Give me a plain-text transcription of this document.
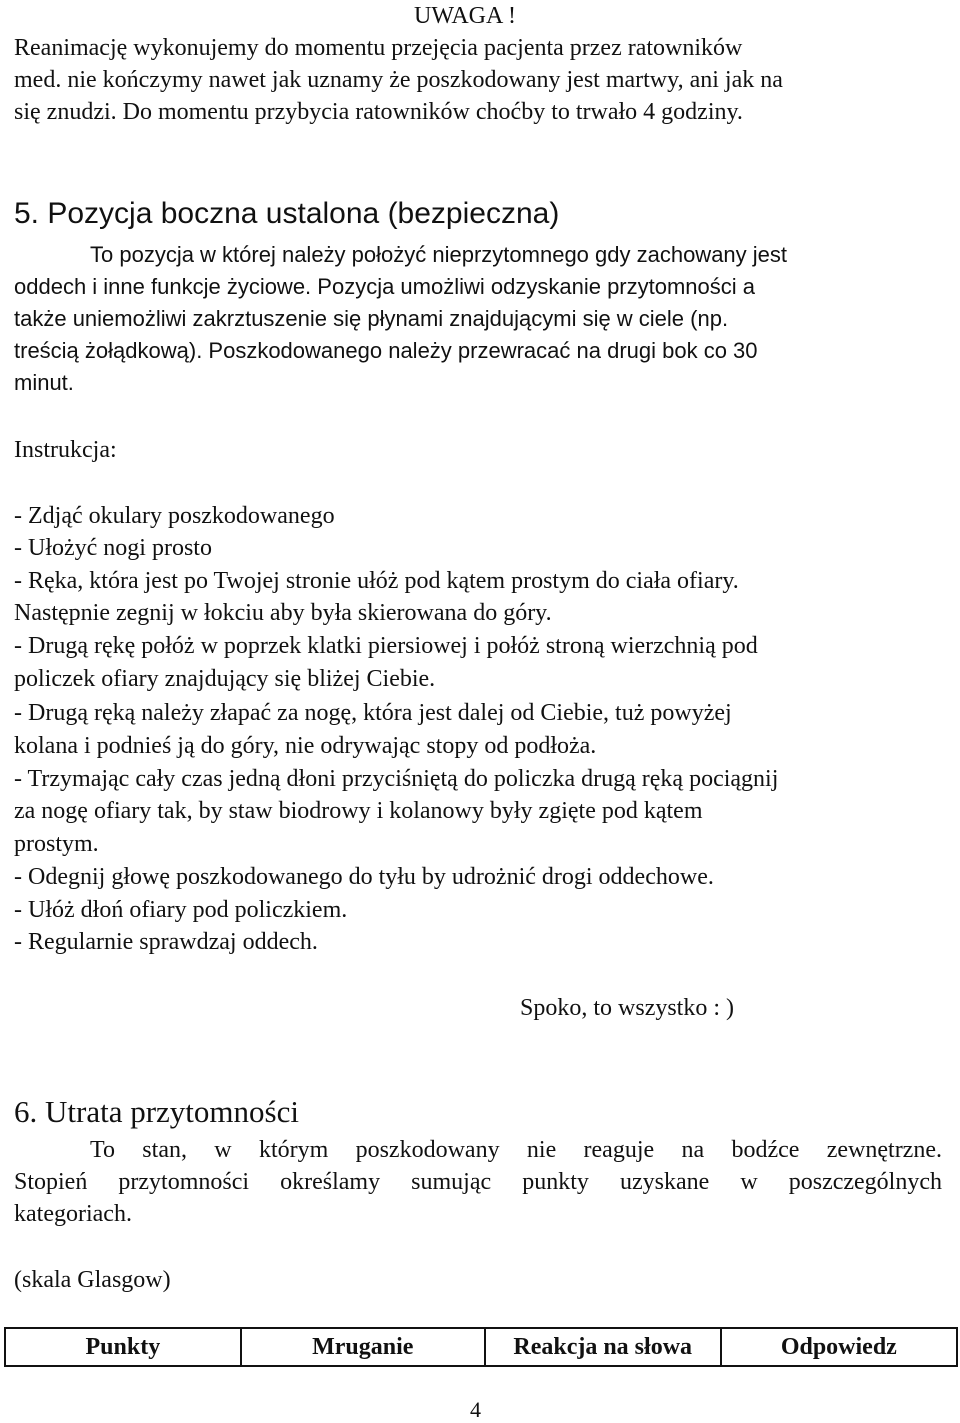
UWAGA !
Reanimację wykonujemy do momentu przejęcia pacjenta przez ratowników
med. nie kończymy nawet jak uznamy że poszkodowany jest martwy, ani jak na
się znudzi. Do momentu przybycia ratowników choćby to trwało 4 godziny.
5. Pozycja boczna ustalona (bezpieczna)
To pozycja w której należy położyć nieprzytomnego gdy zachowany jest
oddech i inne funkcje życiowe. Pozycja umożliwi odzyskanie przytomności a
także uniemożliwi zakrztuszenie się płynami znajdującymi się w ciele (np.
treścią żołądkową). Poszkodowanego należy przewracać na drugi bok co 30
minut.
Instrukcja:
- Zdjąć okulary poszkodowanego
- Ułożyć nogi prosto
- Ręka, która jest po Twojej stronie ułóż pod kątem prostym do ciała ofiary.
Następnie zegnij w łokciu aby była skierowana do góry.
- Drugą rękę połóż w poprzek klatki piersiowej i połóż stroną wierzchnią pod
policzek ofiary znajdujący się bliżej Ciebie.
- Drugą ręką należy złapać za nogę, która jest dalej od Ciebie, tuż powyżej
kolana i podnieś ją do góry, nie odrywając stopy od podłoża.
- Trzymając cały czas jedną dłoni przyciśniętą do policzka drugą ręką pociągnij
za nogę ofiary tak, by staw biodrowy i kolanowy były zgięte pod kątem
prostym.
- Odegnij głowę poszkodowanego do tyłu by udrożnić drogi oddechowe.
- Ułóż dłoń ofiary pod policzkiem.
- Regularnie sprawdzaj oddech.
Spoko, to wszystko : )
6. Utrata przytomności
To stan, w którym poszkodowany nie reaguje na bodźce zewnętrzne.
Stopień przytomności określamy sumując punkty uzyskane w poszczególnych
kategoriach.
(skala Glasgow)
Punkty	Mruganie	Reakcja na słowa	Odpowiedz
4
